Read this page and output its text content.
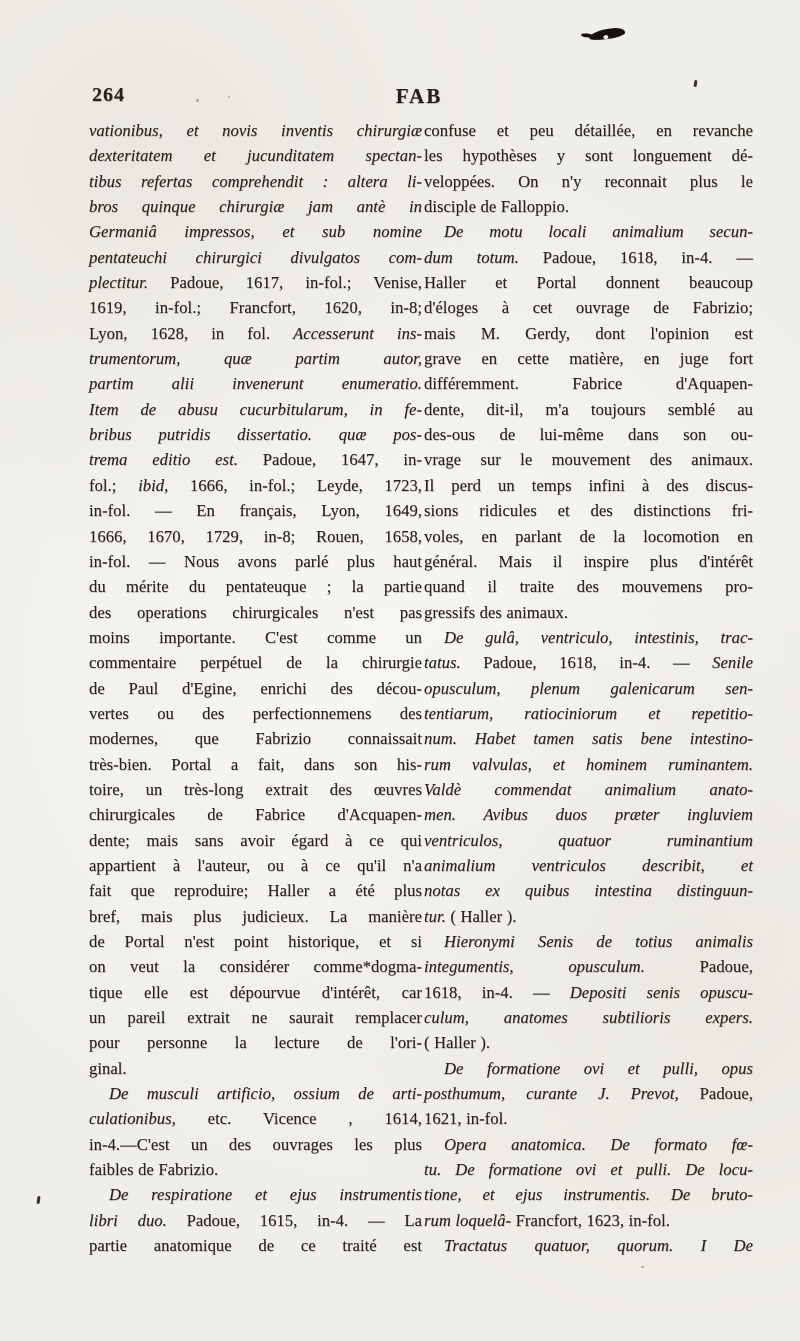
264	FAB
vationibus, et novis inventis chirurgiæ
dexteritatem et jucunditatem spectan-
tibus refertas comprehendit : altera li-
bros quinque chirurgiæ jam antè in
Germaniâ impressos, et sub nomine
pentateuchi chirurgici divulgatos com-
plectitur. Padoue, 1617, in-fol.; Venise,
1619, in-fol.; Francfort, 1620, in-8;
Lyon, 1628, in fol. Accesserunt ins-
trumentorum, quæ partim autor,
partim alii invenerunt enumeratio.
Item de abusu cucurbitularum, in fe-
bribus putridis dissertatio. quæ pos-
trema editio est. Padoue, 1647, in-
fol.; ibid, 1666, in-fol.; Leyde, 1723,
in-fol. — En français, Lyon, 1649,
1666, 1670, 1729, in-8; Rouen, 1658,
in-fol. — Nous avons parlé plus haut
du mérite du pentateuque ; la partie
des operations chirurgicales n'est pas
moins importante. C'est comme un
commentaire perpétuel de la chirurgie
de Paul d'Egine, enrichi des décou-
vertes ou des perfectionnemens des
modernes, que Fabrizio connaissait
très-bien. Portal a fait, dans son his-
toire, un très-long extrait des œuvres
chirurgicales de Fabrice d'Acquapen-
dente; mais sans avoir égard à ce qui
appartient à l'auteur, ou à ce qu'il n'a
fait que reproduire; Haller a été plus
bref, mais plus judicieux. La manière
de Portal n'est point historique, et si
on veut la considérer comme*dogma-
tique elle est dépourvue d'intérêt, car
un pareil extrait ne saurait remplacer
pour personne la lecture de l'ori-
ginal.
De musculi artificio, ossium de arti-
culationibus, etc. Vicence , 1614,
in-4.—C'est un des ouvrages les plus
faibles de Fabrizio.
De respiratione et ejus instrumentis
libri duo. Padoue, 1615, in-4. — La
partie anatomique de ce traité est
confuse et peu détaillée, en revanche
les hypothèses y sont longuement dé-
veloppées. On n'y reconnait plus le
disciple de Falloppio.
De motu locali animalium secun-
dum totum. Padoue, 1618, in-4. —
Haller et Portal donnent beaucoup
d'éloges à cet ouvrage de Fabrizio;
mais M. Gerdy, dont l'opinion est
grave en cette matière, en juge fort
différemment. Fabrice d'Aquapen-
dente, dit-il, m'a toujours semblé au
des-ous de lui-même dans son ou-
vrage sur le mouvement des animaux.
Il perd un temps infini à des discus-
sions ridicules et des distinctions fri-
voles, en parlant de la locomotion en
général. Mais il inspire plus d'intérêt
quand il traite des mouvemens pro-
gressifs des animaux.
De gulâ, ventriculo, intestinis, trac-
tatus. Padoue, 1618, in-4. — Senile
opusculum, plenum galenicarum sen-
tentiarum, ratiociniorum et repetitio-
num. Habet tamen satis bene intestino-
rum valvulas, et hominem ruminantem.
Valdè commendat animalium anato-
men. Avibus duos præter ingluviem
ventriculos, quatuor ruminantium
animalium ventriculos describit, et
notas ex quibus intestina distinguun-
tur. ( Haller ).
Hieronymi Senis de totius animalis
integumentis, opusculum. Padoue,
1618, in-4. — Depositi senis opuscu-
culum, anatomes subtilioris expers.
( Haller ).
De formatione ovi et pulli, opus
posthumum, curante J. Prevot, Padoue,
1621, in-fol.
Opera anatomica. De formato fœ-
tu. De formatione ovi et pulli. De locu-
tione, et ejus instrumentis. De bruto-
rum loquelâ- Francfort, 1623, in-fol.
Tractatus quatuor, quorum. I De
